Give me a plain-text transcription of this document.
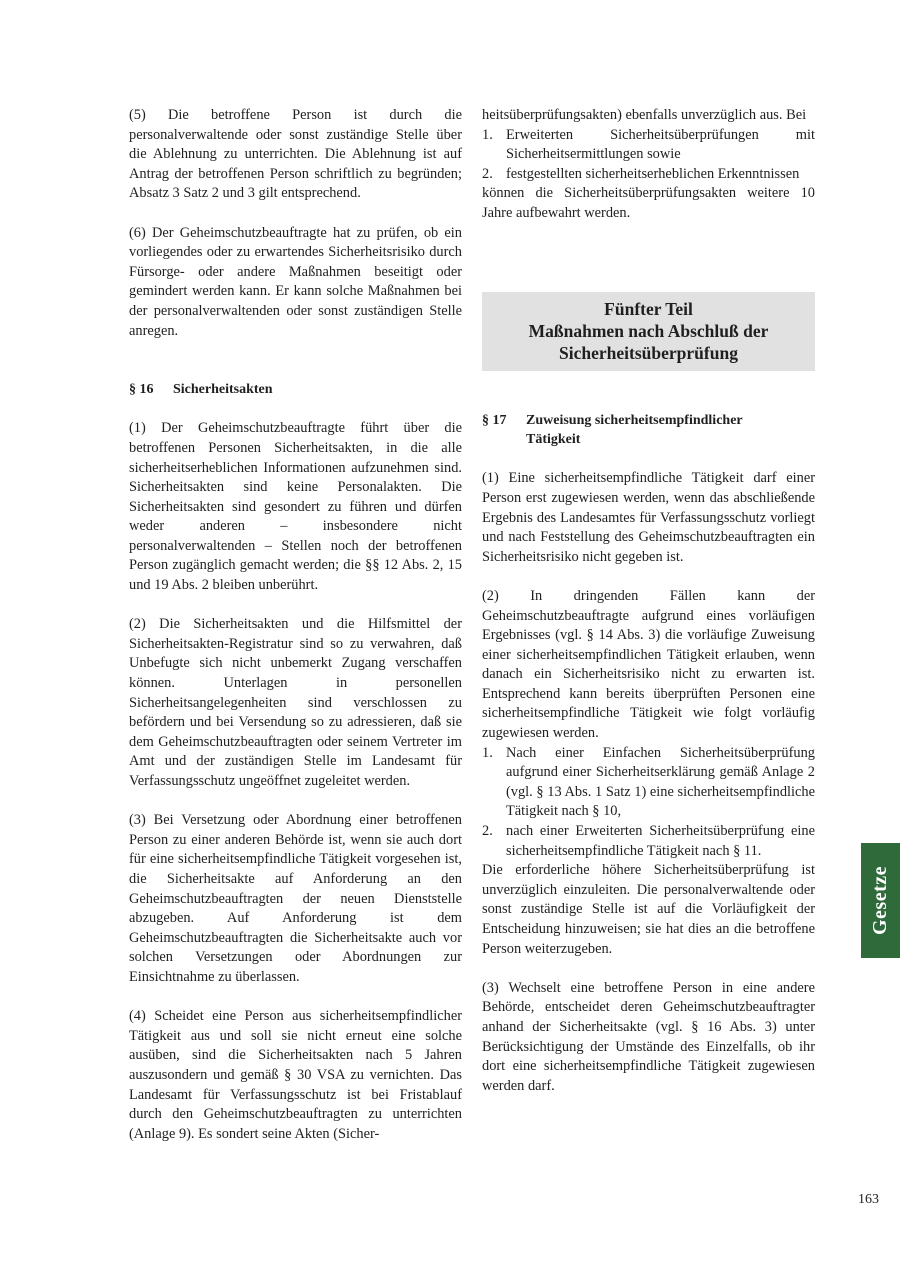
(5) Die betroffene Person ist durch die personalverwaltende oder sonst zuständige Stelle über die Ablehnung zu unterrichten. Die Ablehnung ist auf Antrag der betroffenen Person schriftlich zu begründen; Absatz 3 Satz 2 und 3 gilt entsprechend.

(6) Der Geheimschutzbeauftragte hat zu prüfen, ob ein vorliegendes oder zu erwartendes Sicherheitsrisiko durch Fürsorge- oder andere Maßnahmen beseitigt oder gemindert werden kann. Er kann solche Maßnahmen bei der personalverwaltenden oder sonst zuständigen Stelle anregen.

§ 16	Sicherheitsakten

(1) Der Geheimschutzbeauftragte führt über die betroffenen Personen Sicherheitsakten, in die alle sicherheitserheblichen Informationen aufzunehmen sind. Sicherheitsakten sind keine Personalakten. Die Sicherheitsakten sind gesondert zu führen und dürfen weder anderen – insbesondere nicht personalverwaltenden – Stellen noch der betroffenen Person zugänglich gemacht werden; die §§ 12 Abs. 2, 15 und 19 Abs. 2 bleiben unberührt.

(2) Die Sicherheitsakten und die Hilfsmittel der Sicherheitsakten-Registratur sind so zu verwahren, daß Unbefugte sich nicht unbemerkt Zugang verschaffen können. Unterlagen in personellen Sicherheitsangelegenheiten sind verschlossen zu befördern und bei Versendung so zu adressieren, daß sie dem Geheimschutzbeauftragten oder seinem Vertreter im Amt und der zuständigen Stelle im Landesamt für Verfassungsschutz ungeöffnet zugeleitet werden.

(3) Bei Versetzung oder Abordnung einer betroffenen Person zu einer anderen Behörde ist, wenn sie auch dort für eine sicherheitsempfindliche Tätigkeit vorgesehen ist, die Sicherheitsakte auf Anforderung an den Geheimschutzbeauftragten der neuen Dienststelle abzugeben. Auf Anforderung ist dem Geheimschutzbeauftragten die Sicherheitsakte auch vor solchen Versetzungen oder Abordnungen zur Einsichtnahme zu überlassen.

(4) Scheidet eine Person aus sicherheitsempfindlicher Tätigkeit aus und soll sie nicht erneut eine solche ausüben, sind die Sicherheitsakten nach 5 Jahren auszusondern und gemäß § 30 VSA zu vernichten. Das Landesamt für Verfassungsschutz ist bei Fristablauf durch den Geheimschutzbeauftragten zu unterrichten (Anlage 9). Es sondert seine Akten (Sicher-

heitsüberprüfungsakten) ebenfalls unverzüglich aus. Bei

1. Erweiterten Sicherheitsüberprüfungen mit Sicherheitsermittlungen sowie
2. festgestellten sicherheitserheblichen Erkenntnissen

können die Sicherheitsüberprüfungsakten weitere 10 Jahre aufbewahrt werden.

Fünfter Teil
Maßnahmen nach Abschluß der
Sicherheitsüberprüfung
§ 17	Zuweisung sicherheitsempfindlicher
Tätigkeit

(1) Eine sicherheitsempfindliche Tätigkeit darf einer Person erst zugewiesen werden, wenn das abschließende Ergebnis des Landesamtes für Verfassungsschutz vorliegt und nach Feststellung des Geheimschutzbeauftragten ein Sicherheitsrisiko nicht gegeben ist.

(2) In dringenden Fällen kann der Geheimschutzbeauftragte aufgrund eines vorläufigen Ergebnisses (vgl. § 14 Abs. 3) die vorläufige Zuweisung einer sicherheitsempfindlichen Tätigkeit erlauben, wenn danach ein Sicherheitsrisiko nicht zu erwarten ist. Entsprechend kann bereits überprüften Personen eine sicherheitsempfindliche Tätigkeit wie folgt vorläufig zugewiesen werden.

1. Nach einer Einfachen Sicherheitsüberprüfung aufgrund einer Sicherheitserklärung gemäß Anlage 2 (vgl. § 13 Abs. 1 Satz 1) eine sicherheitsempfindliche Tätigkeit nach § 10,
2. nach einer Erweiterten Sicherheitsüberprüfung eine sicherheitsempfindliche Tätigkeit nach § 11.

Die erforderliche höhere Sicherheitsüberprüfung ist unverzüglich einzuleiten. Die personalverwaltende oder sonst zuständige Stelle ist auf die Vorläufigkeit der Entscheidung hinzuweisen; sie hat dies an die betroffene Person weiterzugeben.

(3) Wechselt eine betroffene Person in eine andere Behörde, entscheidet deren Geheimschutzbeauftragter anhand der Sicherheitsakte (vgl. § 16 Abs. 3) unter Berücksichtigung der Umstände des Einzelfalls, ob ihr dort eine sicherheitsempfindliche Tätigkeit zugewiesen werden darf.

Gesetze
163
